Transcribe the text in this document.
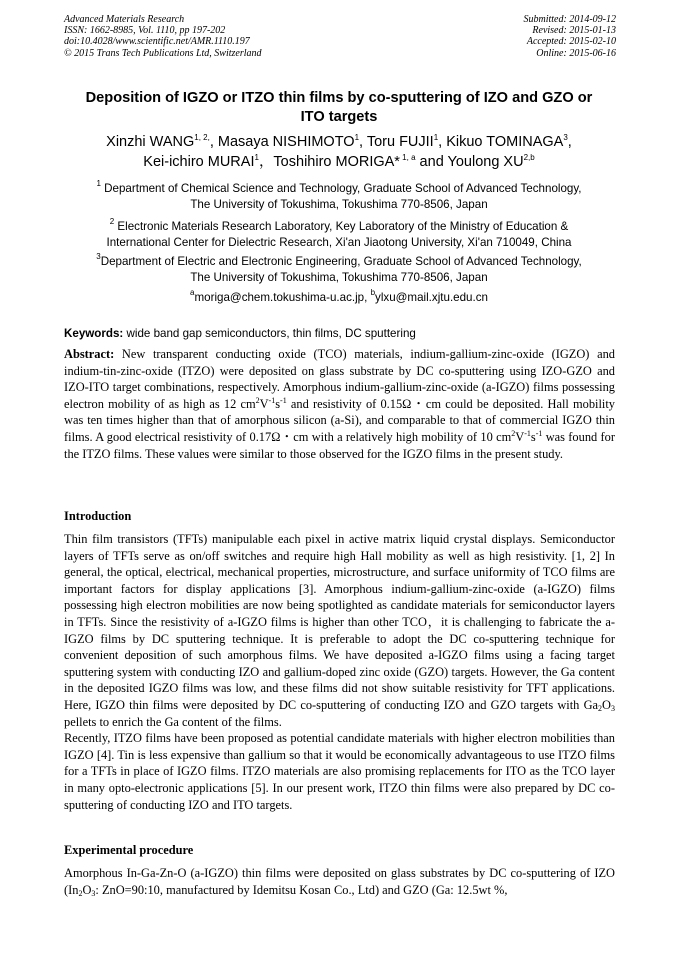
Advanced Materials Research
ISSN: 1662-8985, Vol. 1110, pp 197-202
doi:10.4028/www.scientific.net/AMR.1110.197
© 2015 Trans Tech Publications Ltd, Switzerland
Submitted: 2014-09-12
Revised: 2015-01-13
Accepted: 2015-02-10
Online: 2015-06-16
Deposition of IGZO or ITZO thin films by co-sputtering of IZO and GZO or
ITO targets
Xinzhi $WANG^{1, 2,}$, Masaya NISHIMOTO$^1$, Toru FUJII$^1$, Kikuo TOMINAGA$^3$,
Kei-ichiro MURAI$^1$，Toshihiro MORIGA* $^{1, a}$ and Youlong XU$^{2,b}$
$^1$ Department of Chemical Science and Technology, Graduate School of Advanced Technology,
The University of Tokushima, Tokushima 770-8506, Japan
$^2$ Electronic Materials Research Laboratory, Key Laboratory of the Ministry of Education &
International Center for Dielectric Research, Xi'an Jiaotong University, Xi'an 710049, China
$^3$Department of Electric and Electronic Engineering, Graduate School of Advanced Technology,
The University of Tokushima, Tokushima 770-8506, Japan
$^a$moriga@chem.tokushima-u.ac.jp, $^b$ylxu@mail.xjtu.edu.cn
Keywords: wide band gap semiconductors, thin films, DC sputtering

Abstract: New transparent conducting oxide (TCO) materials, indium-gallium-zinc-oxide (IGZO) and indium-tin-zinc-oxide (ITZO) were deposited on glass substrate by DC co-sputtering using IZO-GZO and IZO-ITO target combinations, respectively. Amorphous indium-gallium-zinc-oxide (a-IGZO) films possessing electron mobility of as high as 12 $cm^2V^{-1}s^{-1}$ and resistivity of 0.15Ω・cm could be deposited. Hall mobility was ten times higher than that of amorphous silicon (a-Si), and comparable to that of commercial IGZO thin films. A good electrical resistivity of 0.17Ω・cm with a relatively high mobility of 10 $cm^2V^{-1}s^{-1}$ was found for the ITZO films. These values were similar to those observed for the IGZO films in the present study.

Introduction

Thin film transistors (TFTs) manipulable each pixel in active matrix liquid crystal displays. Semiconductor layers of TFTs serve as on/off switches and require high Hall mobility as well as high resistivity. [1, 2] In general, the optical, electrical, mechanical properties, microstructure, and surface uniformity of TCO films are important factors for display applications [3]. Amorphous indium-gallium-zinc-oxide (a-IGZO) films possessing high electron mobilities are now being spotlighted as candidate materials for semiconductor layers in TFTs. Since the resistivity of a-IGZO films is higher than other TCO，it is challenging to fabricate the a-IGZO films by DC sputtering technique. It is preferable to adopt the DC co-sputtering technique for convenient deposition of such amorphous films. We have deposited a-IGZO films using a facing target sputtering system with conducting IZO and gallium-doped zinc oxide (GZO) targets. However, the Ga content in the deposited IGZO films was low, and these films did not show suitable resistivity for TFT applications. Here, IGZO thin films were deposited by DC co-sputtering of conducting IZO and GZO targets with $Ga_2O_3$ pellets to enrich the Ga content of the films.

Recently, ITZO films have been proposed as potential candidate materials with higher electron mobilities than IGZO [4]. Tin is less expensive than gallium so that it would be economically advantageous to use ITZO films for a TFTs in place of IGZO films. ITZO materials are also promising replacements for ITO as the TCO layer in many opto-electronic applications [5]. In our present work, ITZO thin films were also prepared by DC co-sputtering of conducting IZO and ITO targets.

Experimental procedure

Amorphous In-Ga-Zn-O (a-IGZO) thin films were deposited on glass substrates by DC co-sputtering of IZO ($In_2O_3$: ZnO=90:10, manufactured by Idemitsu Kosan Co., Ltd) and GZO (Ga: 12.5wt %,
